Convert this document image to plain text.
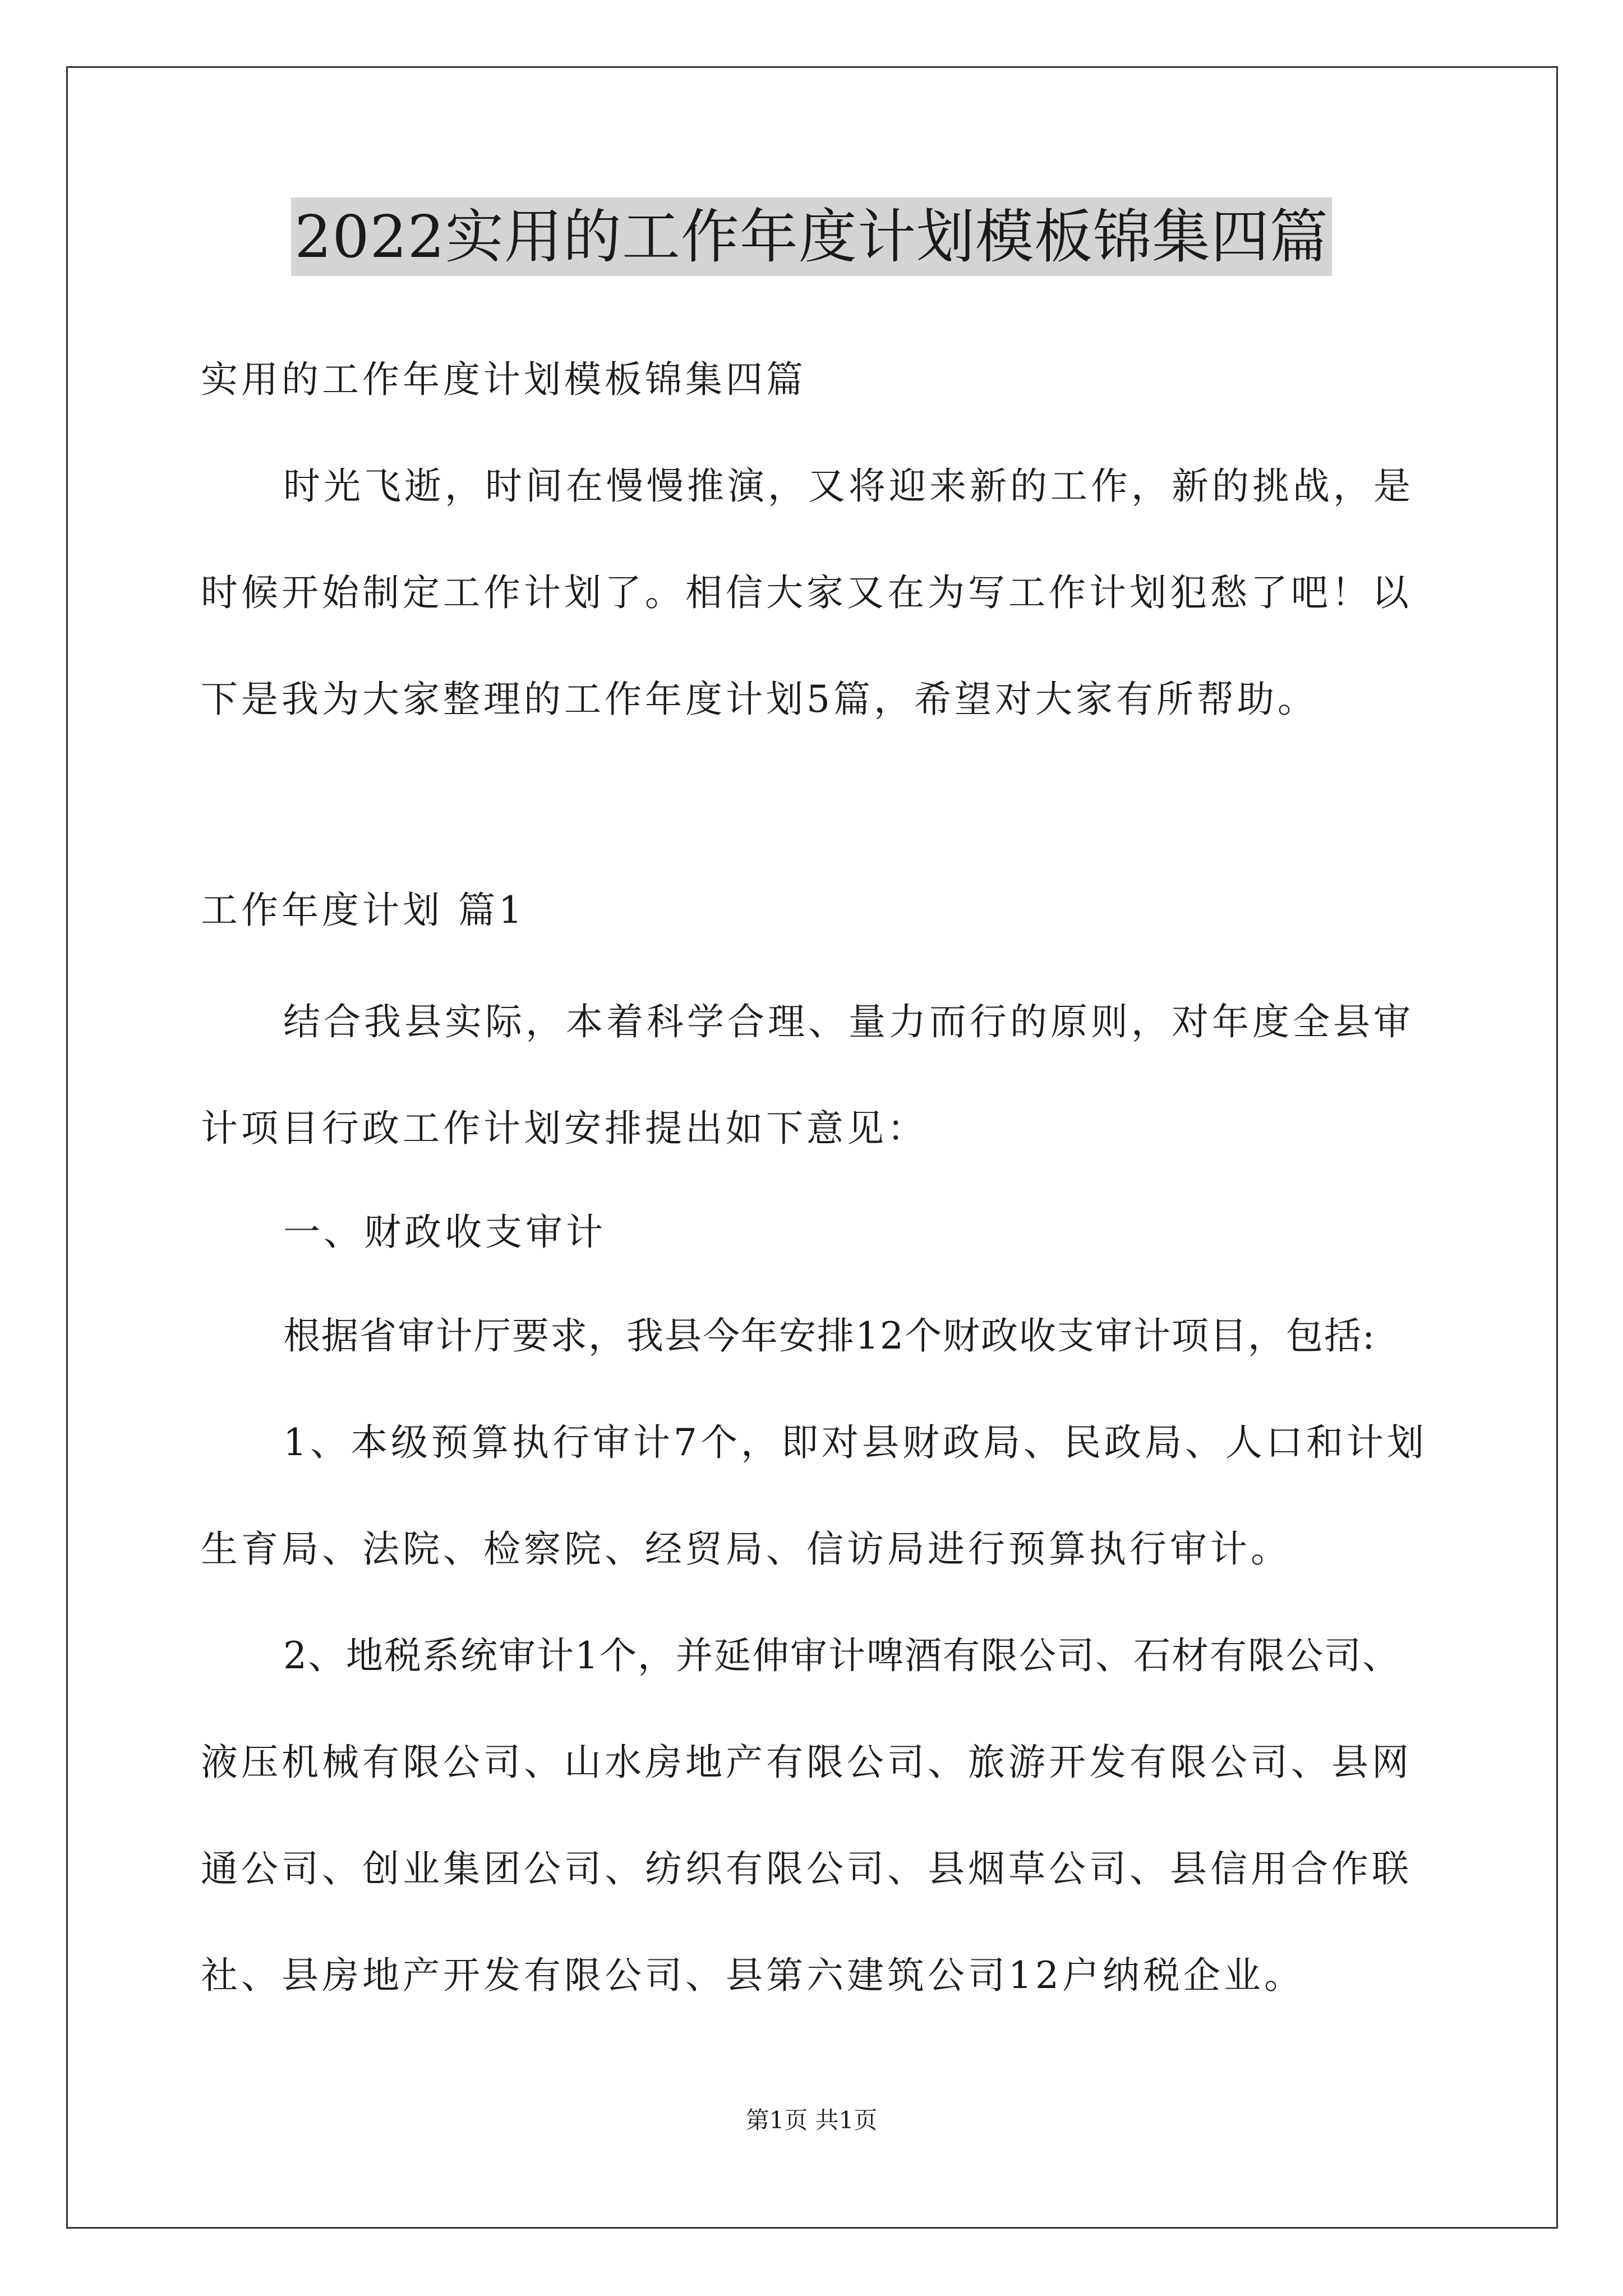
2022实用的工作年度计划模板锦集四篇
实用的工作年度计划模板锦集四篇
时光飞逝，时间在慢慢推演，又将迎来新的工作，新的挑战，是
时候开始制定工作计划了。相信大家又在为写工作计划犯愁了吧！以
下是我为大家整理的工作年度计划5篇，希望对大家有所帮助。
工作年度计划 篇1
结合我县实际，本着科学合理、量力而行的原则，对年度全县审
计项目行政工作计划安排提出如下意见：
一、财政收支审计
根据省审计厅要求，我县今年安排12个财政收支审计项目，包括:
1、本级预算执行审计7个，即对县财政局、民政局、人口和计划
生育局、法院、检察院、经贸局、信访局进行预算执行审计。
2、地税系统审计1个，并延伸审计啤酒有限公司、石材有限公司、
液压机械有限公司、山水房地产有限公司、旅游开发有限公司、县网
通公司、创业集团公司、纺织有限公司、县烟草公司、县信用合作联
社、县房地产开发有限公司、县第六建筑公司12户纳税企业。
第1页 共1页
